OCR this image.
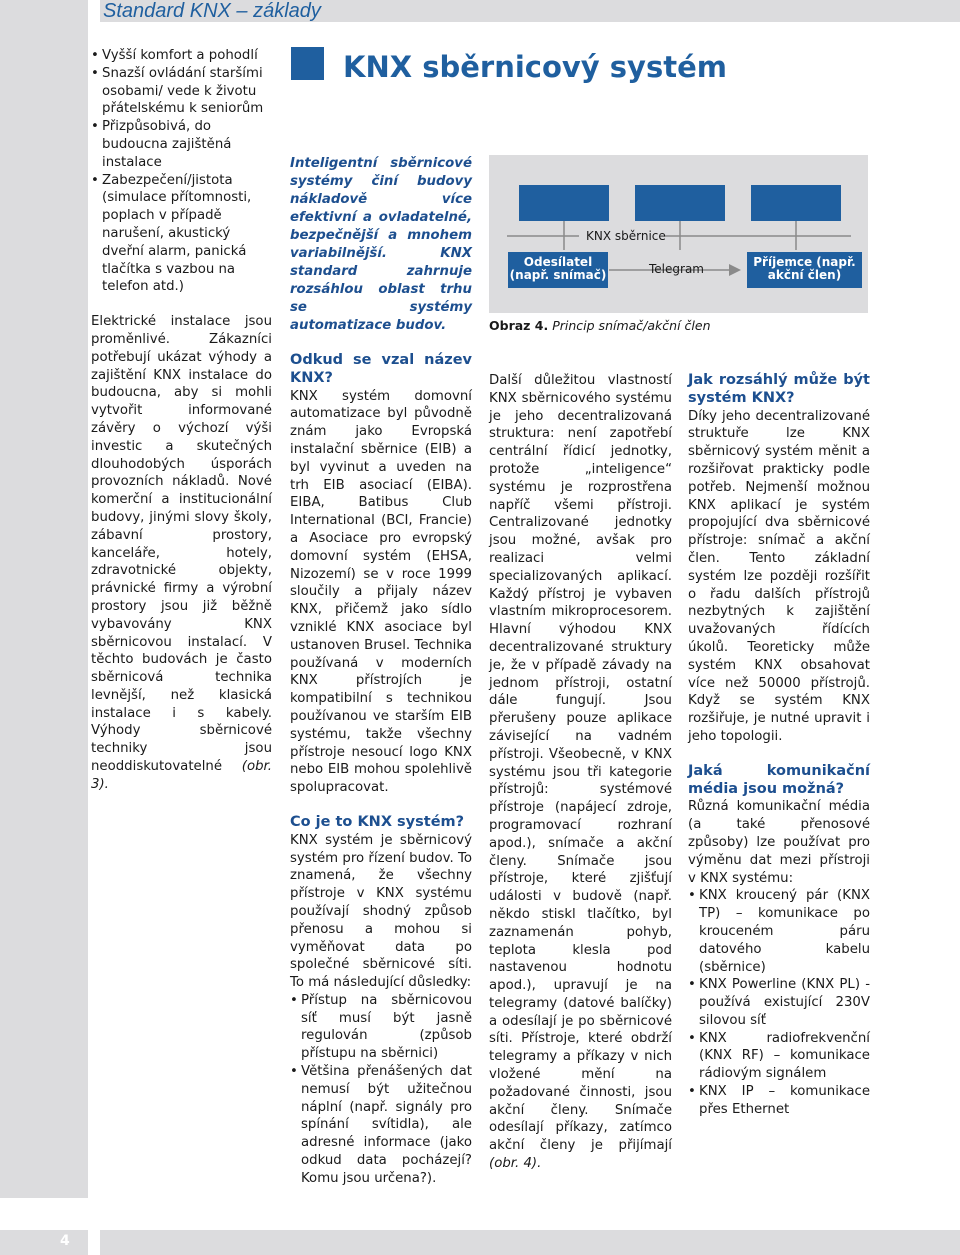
Standard KNX – základy
4
KNX sběrnicový systém
• Vyšší komfort a pohodlí
• Snazší ovládání staršími osobami/ vede k životu přátelskému k seniorům
• Přizpůsobivá, do budoucna zajištěná instalace
• Zabezpečení/jistota (simulace přítomnosti, poplach v případě narušení, akustický dveřní alarm, panická tlačítka s vazbou na telefon atd.)

Elektrické instalace jsou proměnlivé. Zákazníci potřebují ukázat výhody a zajištění KNX instalace do budoucna, aby si mohli vytvořit informované závěry o výchozí výši investic a skutečných dlouhodobých úsporách provozních nákladů. Nové komerční a institucionální budovy, jinými slovy školy, zábavní prostory, kanceláře, hotely, zdravotnické objekty, právnické firmy a výrobní prostory jsou již běžně vybavovány KNX sběrnicovou instalací. V těchto budovách je často sběrnicová technika levnější, než klasická instalace i s kabely. Výhody sběrnicové techniky jsou neoddiskutovatelné (obr. 3).

Inteligentní sběrnicové systémy činí budovy nákladově více efektivní a ovladatelné, bezpečnější a mnohem variabilnější. KNX standard zahrnuje rozsáhlou oblast trhu se systémy automatizace budov.

Odkud se vzal název KNX?

KNX systém domovní automatizace byl původně znám jako Evropská instalační sběrnice (EIB) a byl vyvinut a uveden na trh EIB asociací (EIBA). EIBA, Batibus Club International (BCI, Francie) a Asociace pro evropský domovní systém (EHSA, Nizozemí) se v roce 1999 sloučily a přijaly název KNX, přičemž jako sídlo vzniklé KNX asociace byl ustanoven Brusel. Technika používaná v moderních KNX přístrojích je kompatibilní s technikou používanou ve starším EIB systému, takže všechny přístroje nesoucí logo KNX nebo EIB mohou spolehlivě spolupracovat.

Co je to KNX systém?

KNX systém je sběrnicový systém pro řízení budov. To znamená, že všechny přístroje v KNX systému používají shodný způsob přenosu a mohou si vyměňovat data po společné sběrnicové síti. To má následující důsledky:

• Přístup na sběrnicovou síť musí být jasně regulován (způsob přístupu na sběrnici)
• Většina přenášených dat nemusí být užitečnou náplní (např. signály pro spínání svítidla), ale adresné informace (jako odkud data pocházejí? Komu jsou určena?).
KNX sběrnice
Telegram
Odesílatel (např. snímač)
Příjemce (např. akční člen)
Obraz 4. Princip snímač/akční člen

Další důležitou vlastností KNX sběrnicového systému je jeho decentralizovaná struktura: není zapotřebí centrální řídicí jednotky, protože „inteligence“ systému je rozprostřena napříč všemi přístroji. Centralizované jednotky jsou možné, avšak pro realizaci velmi specializovaných aplikací. Každý přístroj je vybaven vlastním mikroprocesorem. Hlavní výhodou KNX decentralizované struktury je, že v případě závady na jednom přístroji, ostatní dále fungují. Jsou přerušeny pouze aplikace závisející na vadném přístroji. Všeobecně, v KNX systému jsou tři kategorie přístrojů: systémové přístroje (napájecí zdroje, programovací rozhraní apod.), snímače a akční členy. Snímače jsou přístroje, které zjišťují události v budově (např. někdo stiskl tlačítko, byl zaznamenán pohyb, teplota klesla pod nastavenou hodnotu apod.), upravují je na telegramy (datové balíčky) a odesílají je po sběrnicové síti. Přístroje, které obdrží telegramy a příkazy v nich vložené mění na požadované činnosti, jsou akční členy. Snímače odesílají příkazy, zatímco akční členy je přijímají (obr. 4).

Jak rozsáhlý může být systém KNX?

Díky jeho decentralizované struktuře lze KNX sběrnicový systém měnit a rozšiřovat prakticky podle potřeb. Nejmenší možnou KNX aplikací je systém propojující dva sběrnicové přístroje: snímač a akční člen. Tento základní systém lze později rozšířit o řadu dalších přístrojů nezbytných k zajištění uvažovaných řídících úkolů. Teoreticky může systém KNX obsahovat více než 50000 přístrojů. Když se systém KNX rozšiřuje, je nutné upravit i jeho topologii.

Jaká komunikační média jsou možná?

Různá komunikační média (a také přenosové způsoby) lze používat pro výměnu dat mezi přístroji v KNX systému:

• KNX kroucený pár (KNX TP) – komunikace po krouceném páru datového kabelu (sběrnice)
• KNX Powerline (KNX PL) - používá existující 230V silovou síť
• KNX radiofrekvenční (KNX RF) – komunikace rádiovým signálem
• KNX IP – komunikace přes Ethernet
